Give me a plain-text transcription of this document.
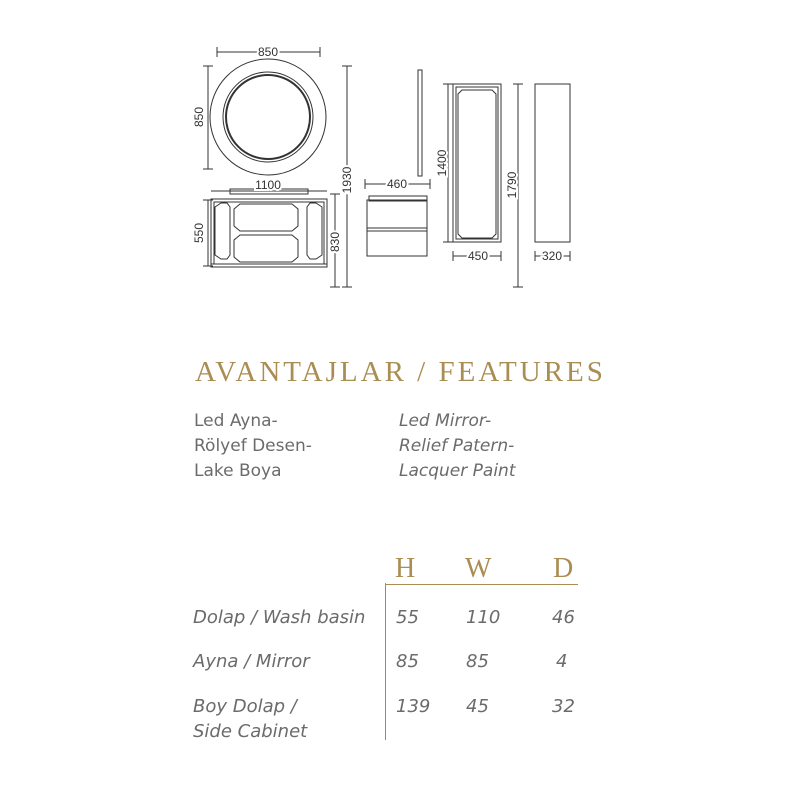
850
850
1100
550
1930
830
460
1400
450
1790
320
AVANTAJLAR / FEATURES
Led Ayna-
Rölyef Desen-
Lake Boya
Led Mirror-
Relief Patern-
Lacquer Paint
H W D
Dolap / Wash basin 55	110	46
Ayna / Mirror	85	85	4
Boy Dolap /
Side Cabinet
139 45	32
